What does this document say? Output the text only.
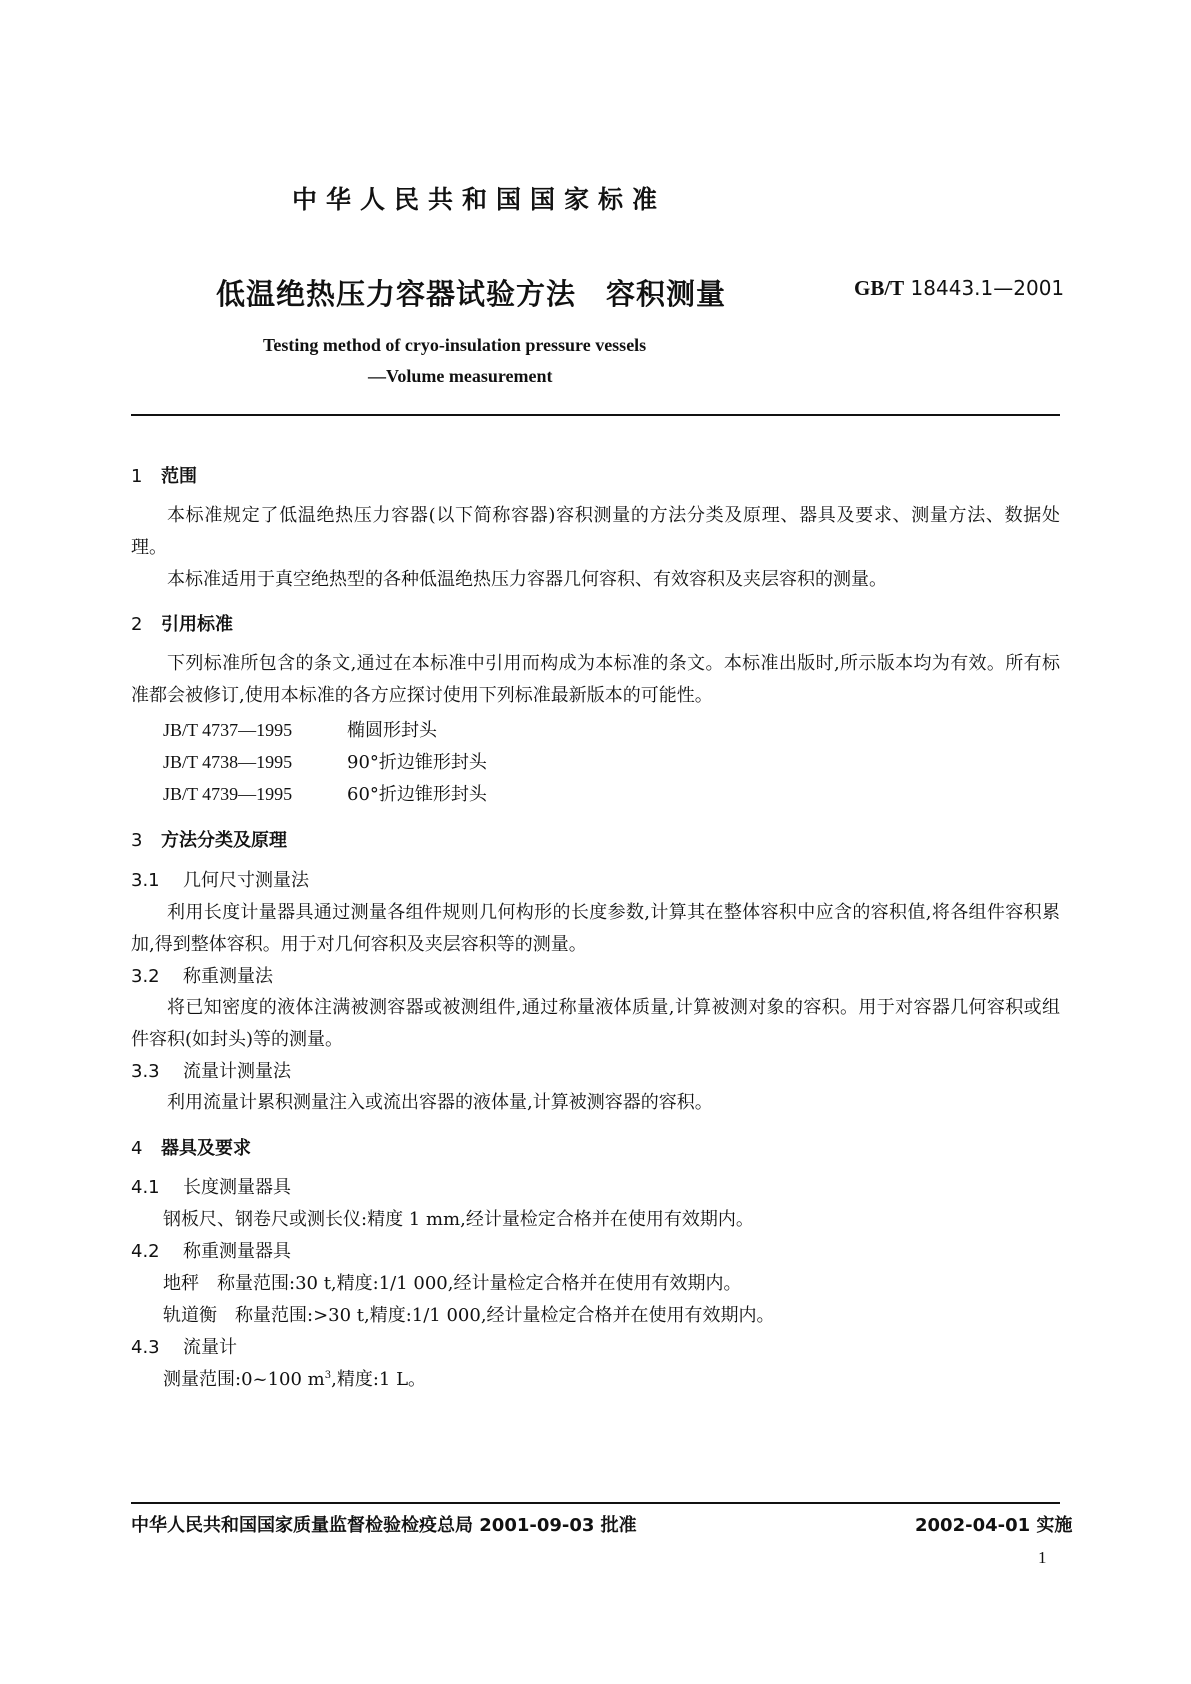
中华人民共和国国家标准
低温绝热压力容器试验方法　容积测量	GB/T 18443.1—2001
Testing method of cryo-insulation pressure vessels
—Volume measurement
1 范围
本标准规定了低温绝热压力容器(以下简称容器)容积测量的方法分类及原理、器具及要求、测量方法、数据处理。
本标准适用于真空绝热型的各种低温绝热压力容器几何容积、有效容积及夹层容积的测量。
2 引用标准
下列标准所包含的条文,通过在本标准中引用而构成为本标准的条文。本标准出版时,所示版本均为有效。所有标准都会被修订,使用本标准的各方应探讨使用下列标准最新版本的可能性。
JB/T 4737—1995	椭圆形封头
JB/T 4738—1995	90°折边锥形封头
JB/T 4739—1995	60°折边锥形封头
3 方法分类及原理
3.1 几何尺寸测量法
利用长度计量器具通过测量各组件规则几何构形的长度参数,计算其在整体容积中应含的容积值,将各组件容积累加,得到整体容积。用于对几何容积及夹层容积等的测量。
3.2 称重测量法
将已知密度的液体注满被测容器或被测组件,通过称量液体质量,计算被测对象的容积。用于对容器几何容积或组件容积(如封头)等的测量。
3.3 流量计测量法
利用流量计累积测量注入或流出容器的液体量,计算被测容器的容积。
4 器具及要求
4.1 长度测量器具
钢板尺、钢卷尺或测长仪:精度 1 mm,经计量检定合格并在使用有效期内。
4.2 称重测量器具
地秤　称量范围:30 t,精度:1/1 000,经计量检定合格并在使用有效期内。
轨道衡　称量范围:>30 t,精度:1/1 000,经计量检定合格并在使用有效期内。
4.3 流量计
测量范围:0~100 $m^3$,精度:1 L。
中华人民共和国国家质量监督检验检疫总局 2001-09-03 批准	2002-04-01 实施
1
